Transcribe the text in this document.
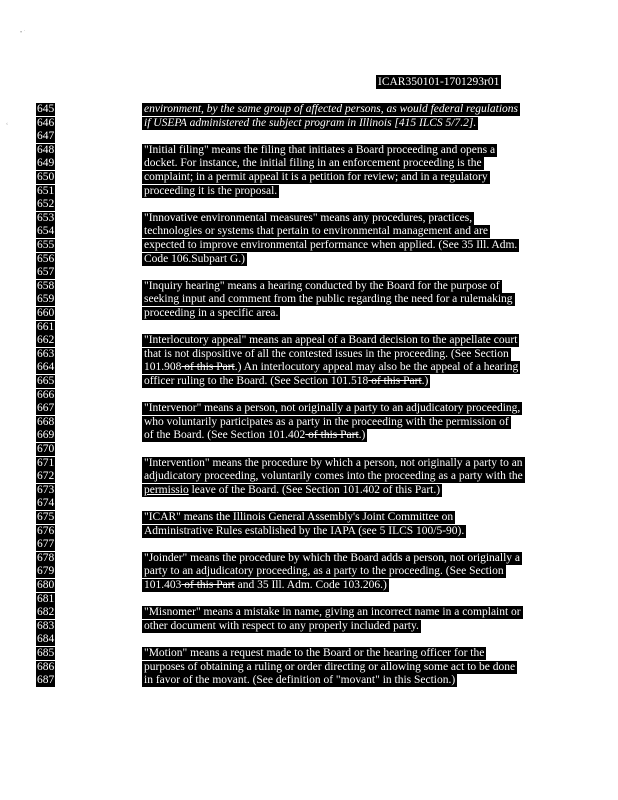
• ˙
‹
ICAR350101-1701293r01
645	environment, by the same group of affected persons, as would federal regulations
646	if USEPA administered the subject program in Illinois [415 ILCS 5/7.2].
647
648	"Initial filing" means the filing that initiates a Board proceeding and opens a
649	docket. For instance, the initial filing in an enforcement proceeding is the
650	complaint; in a permit appeal it is a petition for review; and in a regulatory
651	proceeding it is the proposal.
652
653	"Innovative environmental measures" means any procedures, practices,
654	technologies or systems that pertain to environmental management and are
655	expected to improve environmental performance when applied. (See 35 Ill. Adm.
656	Code 106.Subpart G.)
657
658	"Inquiry hearing" means a hearing conducted by the Board for the purpose of
659	seeking input and comment from the public regarding the need for a rulemaking
660	proceeding in a specific area.
661
662	"Interlocutory appeal" means an appeal of a Board decision to the appellate court
663	that is not dispositive of all the contested issues in the proceeding. (See Section
664	101.908 of this Part.) An interlocutory appeal may also be the appeal of a hearing
665	officer ruling to the Board. (See Section 101.518 of this Part.)
666
667	"Intervenor" means a person, not originally a party to an adjudicatory proceeding,
668	who voluntarily participates as a party in the proceeding with the permission of
669	of the Board. (See Section 101.402 of this Part.)
670
671	"Intervention" means the procedure by which a person, not originally a party to an
672	adjudicatory proceeding, voluntarily comes into the proceeding as a party with the
673	permissio leave of the Board. (See Section 101.402 of this Part.)
674
675	"ICAR" means the Illinois General Assembly's Joint Committee on
676	Administrative Rules established by the IAPA (see 5 ILCS 100/5-90).
677
678	"Joinder" means the procedure by which the Board adds a person, not originally a
679	party to an adjudicatory proceeding, as a party to the proceeding. (See Section
680	101.403 of this Part and 35 Ill. Adm. Code 103.206.)
681
682	"Misnomer" means a mistake in name, giving an incorrect name in a complaint or
683	other document with respect to any properly included party.
684
685	"Motion" means a request made to the Board or the hearing officer for the
686	purposes of obtaining a ruling or order directing or allowing some act to be done
687	in favor of the movant. (See definition of "movant" in this Section.)
